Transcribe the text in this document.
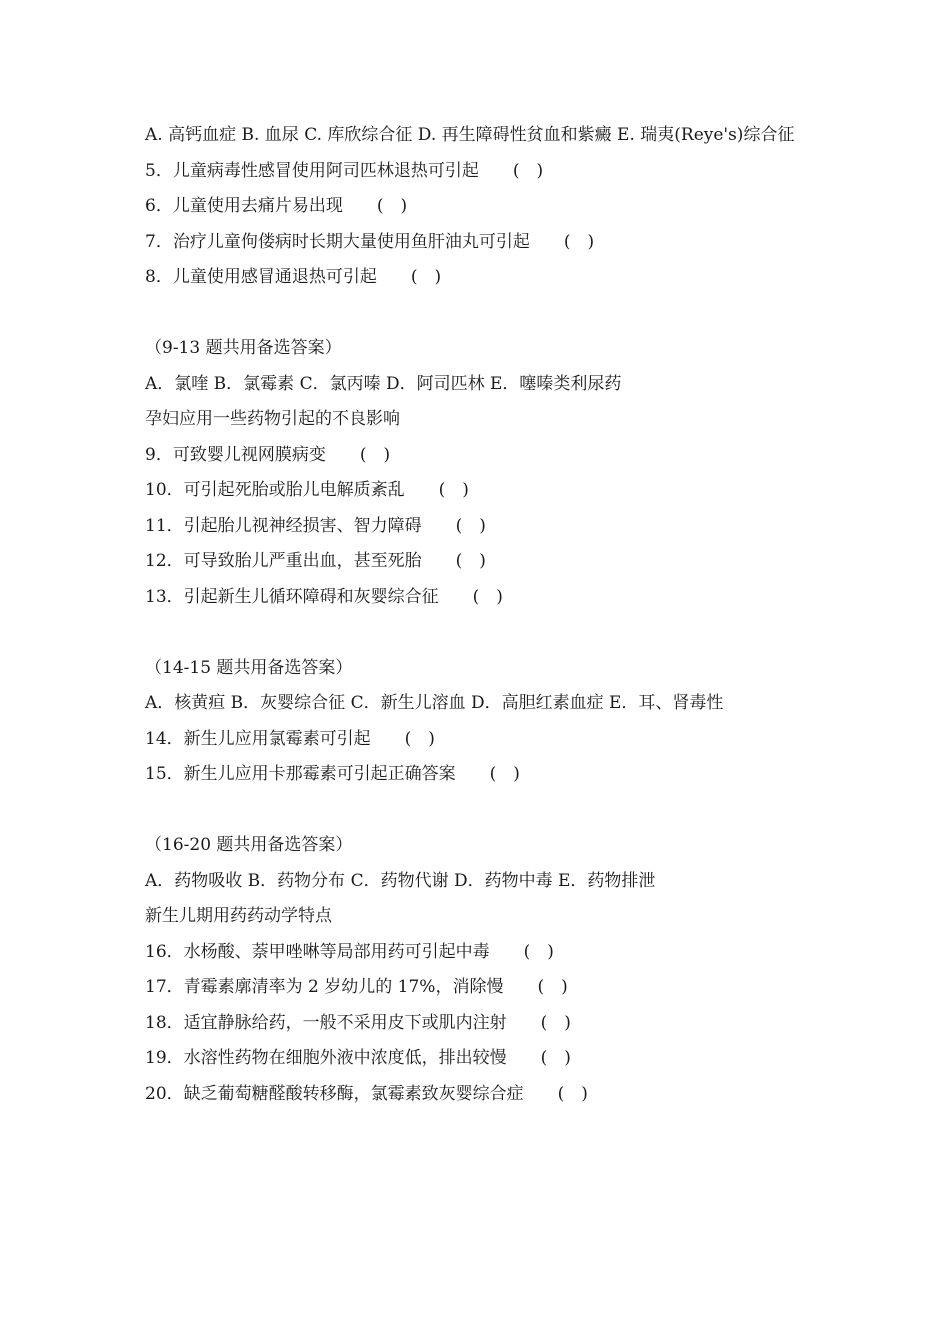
A. 高钙血症 B. 血尿 C. 库欣综合征 D. 再生障碍性贫血和紫癜 E. 瑞夷(Reye's)综合征
5．儿童病毒性感冒使用阿司匹林退热可引起　　(　)
6．儿童使用去痛片易出现　　(　)
7．治疗儿童佝偻病时长期大量使用鱼肝油丸可引起　　(　)
8．儿童使用感冒通退热可引起　　(　)
（9-13 题共用备选答案）
A．氯喹 B．氯霉素 C．氯丙嗪 D．阿司匹林 E．噻嗪类利尿药
孕妇应用一些药物引起的不良影响
9．可致婴儿视网膜病变　　(　)
10．可引起死胎或胎儿电解质紊乱　　(　)
11．引起胎儿视神经损害、智力障碍　　(　)
12．可导致胎儿严重出血，甚至死胎　　(　)
13．引起新生儿循环障碍和灰婴综合征　　(　)
（14-15 题共用备选答案）
A．核黄疸 B．灰婴综合征 C．新生儿溶血 D．高胆红素血症 E．耳、肾毒性
14．新生儿应用氯霉素可引起　　(　)
15．新生儿应用卡那霉素可引起正确答案　　(　)
（16-20 题共用备选答案）
A．药物吸收 B．药物分布 C．药物代谢 D．药物中毒 E．药物排泄
新生儿期用药药动学特点
16．水杨酸、萘甲唑啉等局部用药可引起中毒　　(　)
17．青霉素廓清率为 2 岁幼儿的 17%，消除慢　　(　)
18．适宜静脉给药，一般不采用皮下或肌内注射　　(　)
19．水溶性药物在细胞外液中浓度低，排出较慢　　(　)
20．缺乏葡萄糖醛酸转移酶，氯霉素致灰婴综合症　　(　)
